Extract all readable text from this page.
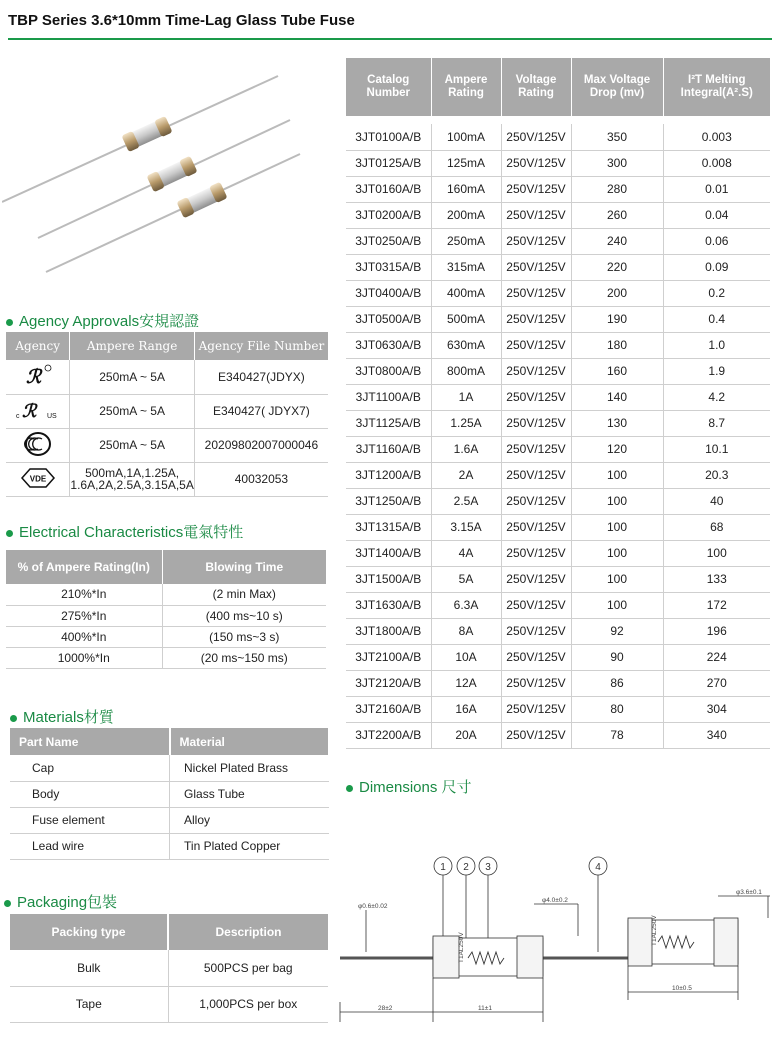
TBP Series 3.6*10mm Time-Lag Glass Tube Fuse
Catalog Number	Ampere Rating	Voltage Rating	Max Voltage Drop (mv)	I²T Melting Integral(A².S)

3JT0100A/B	100mA	250V/125V	350	0.003
3JT0125A/B	125mA	250V/125V	300	0.008
3JT0160A/B	160mA	250V/125V	280	0.01
3JT0200A/B	200mA	250V/125V	260	0.04
3JT0250A/B	250mA	250V/125V	240	0.06
3JT0315A/B	315mA	250V/125V	220	0.09
3JT0400A/B	400mA	250V/125V	200	0.2
3JT0500A/B	500mA	250V/125V	190	0.4
3JT0630A/B	630mA	250V/125V	180	1.0
3JT0800A/B	800mA	250V/125V	160	1.9
3JT1100A/B	1A	250V/125V	140	4.2
3JT1125A/B	1.25A	250V/125V	130	8.7
3JT1160A/B	1.6A	250V/125V	120	10.1
3JT1200A/B	2A	250V/125V	100	20.3
3JT1250A/B	2.5A	250V/125V	100	40
3JT1315A/B	3.15A	250V/125V	100	68
3JT1400A/B	4A	250V/125V	100	100
3JT1500A/B	5A	250V/125V	100	133
3JT1630A/B	6.3A	250V/125V	100	172
3JT1800A/B	8A	250V/125V	92	196
3JT2100A/B	10A	250V/125V	90	224
3JT2120A/B	12A	250V/125V	86	270
3JT2160A/B	16A	250V/125V	80	304
3JT2200A/B	20A	250V/125V	78	340
Agency Approvals安規認證
Agency	Ampere Range	Agency File Number

ℛ	250mA ~ 5A	E340427(JDYX)

c ℛ US	250mA ~ 5A	E340427( JDYX7)
	250mA ~ 5A	20209802007000046

VDE	500mA,1A,1.25A,
1.6A,2A,2.5A,3.15A,5A	40032053
Electrical Characteristics電氣特性
% of Ampere Rating(In)	Blowing Time
210%*In	(2 min Max)
275%*In	(400 ms~10 s)
400%*In	(150 ms~3 s)
1000%*In	(20 ms~150 ms)
Materials材質
Part Name	Material
Cap	Nickel Plated Brass
Body	Glass Tube
Fuse element	Alloy
Lead wire	Tin Plated Copper
Packaging包裝
Packing type	Description
Bulk	500PCS per bag
Tape	1,000PCS per box
Dimensions 尺寸
φ0.6±0.02
φ4.0±0.2
φ3.6±0.1
28±2	11±1
10±0.5
T1AL250V
T1AL250V
1 2 3	4
